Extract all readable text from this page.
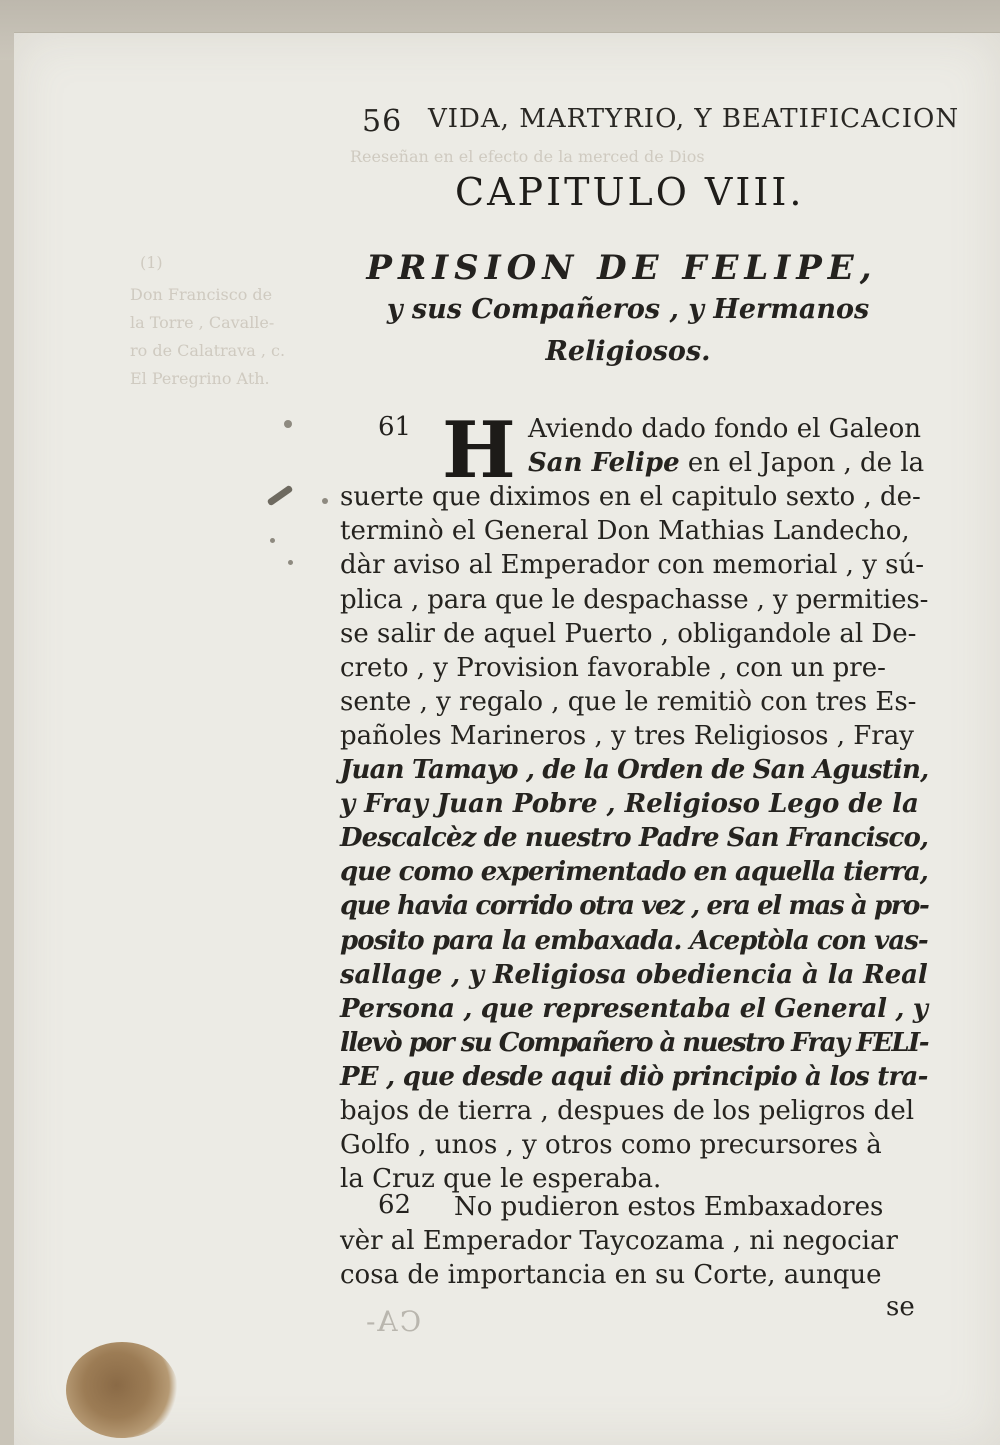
Reeseñan en el efecto de la merced de Dios
(1)
Don Francisco de
la Torre , Cavalle-
ro de Calatrava , c.
El Peregrino Ath.
56 VIDA, MARTYRIO, Y BEATIFICACION
CAPITULO VIII.
PRISION DE FELIPE,
y sus Compañeros , y Hermanos
Religiosos.
61 H Aviendo dado fondo el Galeon
San Felipe en el Japon , de la
suerte que diximos en el capitulo sexto , de-
terminò el General Don Mathias Landecho,
dàr aviso al Emperador con memorial , y sú-
plica , para que le despachasse , y permities-
se salir de aquel Puerto , obligandole al De-
creto , y Provision favorable , con un pre-
sente , y regalo , que le remitiò con tres Es-
pañoles Marineros , y tres Religiosos , Fray
Juan Tamayo , de la Orden de San Agustin,
y Fray Juan Pobre , Religioso Lego de la
Descalcèz de nuestro Padre San Francisco,
que como experimentado en aquella tierra,
que havia corrido otra vez , era el mas à pro-
posito para la embaxada. Aceptòla con vas-
sallage , y Religiosa obediencia à la Real
Persona , que representaba el General , y
llevò por su Compañero à nuestro Fray FELI-
PE , que desde aqui diò principio à los tra-
bajos de tierra , despues de los peligros del
Golfo , unos , y otros como precursores à
la Cruz que le esperaba.
62 No pudieron estos Embaxadores
vèr al Emperador Taycozama , ni negociar
cosa de importancia en su Corte, aunque
se
CA-
